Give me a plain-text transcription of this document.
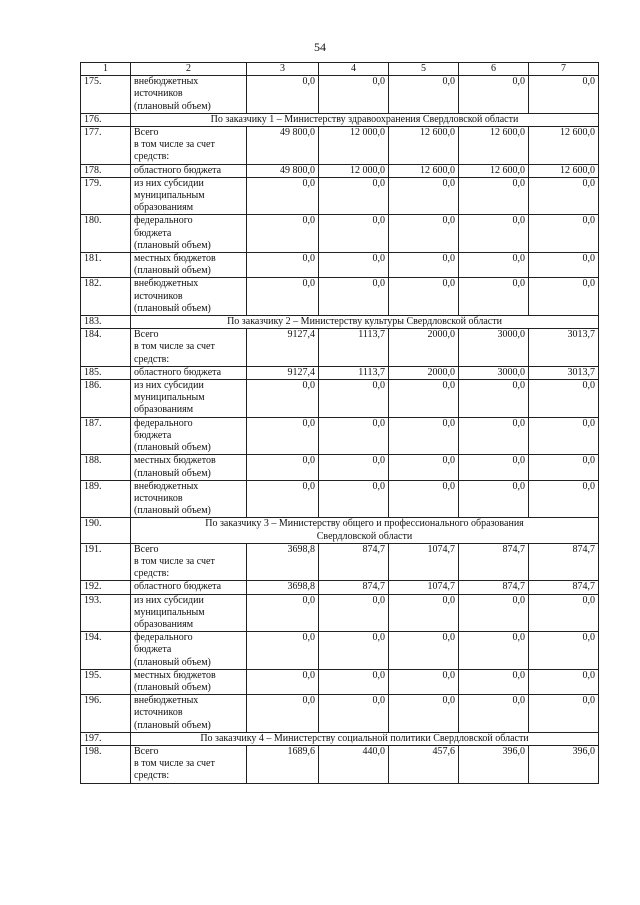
54
1	2	3	4	5	6	7
175.	внебюджетных
источников
(плановый объем)	0,0	0,0	0,0	0,0	0,0
176.	По заказчику 1 – Министерству здравоохранения Свердловской области					

177.	Всего
в том числе за счет
средств:	49 800,0	12 000,0	12 600,0	12 600,0	12 600,0
178.	областного бюджета	49 800,0	12 000,0	12 600,0	12 600,0	12 600,0
179.	из них субсидии
муниципальным
образованиям	0,0	0,0	0,0	0,0	0,0
180.	федерального
бюджета
(плановый объем)	0,0	0,0	0,0	0,0	0,0
181.	местных бюджетов
(плановый объем)	0,0	0,0	0,0	0,0	0,0
182.	внебюджетных
источников
(плановый объем)	0,0	0,0	0,0	0,0	0,0
183.	По заказчику 2 – Министерству культуры Свердловской области					

184.	Всего
в том числе за счет
средств:	9127,4	1113,7	2000,0	3000,0	3013,7
185.	областного бюджета	9127,4	1113,7	2000,0	3000,0	3013,7
186.	из них субсидии
муниципальным
образованиям	0,0	0,0	0,0	0,0	0,0
187.	федерального
бюджета
(плановый объем)	0,0	0,0	0,0	0,0	0,0
188.	местных бюджетов
(плановый объем)	0,0	0,0	0,0	0,0	0,0
189.	внебюджетных
источников
(плановый объем)	0,0	0,0	0,0	0,0	0,0
190.	По заказчику 3 – Министерству общего и профессионального образования
Свердловской области					

191.	Всего
в том числе за счет
средств:	3698,8	874,7	1074,7	874,7	874,7
192.	областного бюджета	3698,8	874,7	1074,7	874,7	874,7
193.	из них субсидии
муниципальным
образованиям	0,0	0,0	0,0	0,0	0,0
194.	федерального
бюджета
(плановый объем)	0,0	0,0	0,0	0,0	0,0
195.	местных бюджетов
(плановый объем)	0,0	0,0	0,0	0,0	0,0
196.	внебюджетных
источников
(плановый объем)	0,0	0,0	0,0	0,0	0,0
197.	По заказчику 4 – Министерству социальной политики Свердловской области					

198.	Всего
в том числе за счет
средств:	1689,6	440,0	457,6	396,0	396,0
